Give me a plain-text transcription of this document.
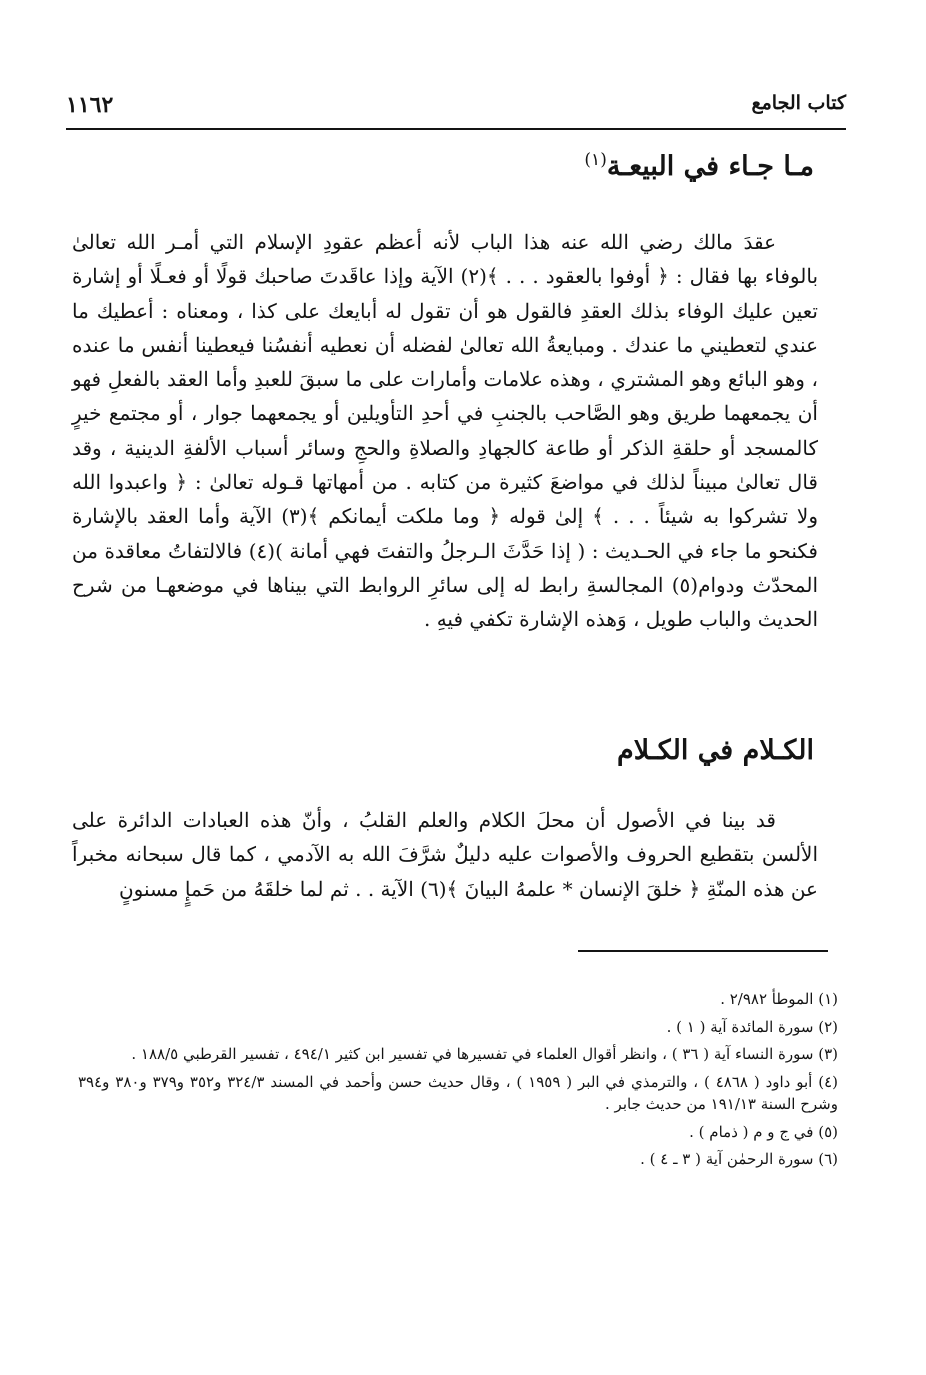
كتاب الجامع
١١٦٢
مـا جـاء في البيعـة$^{(١)}$

عقدَ مالك رضي الله عنه هذا الباب لأنه أعظم عقودِ الإسلام التي أمـر الله تعالىٰ بالوفاء بها فقال : ﴿ أوفوا بالعقود . . . ﴾(٢) الآية وإذا عاقَدتَ صاحبك قولًا أو فعـلًا أو إشارة تعين عليك الوفاء بذلك العقدِ فالقول هو أن تقول له أبايعك على كذا ، ومعناه : أعطيك ما عندي لتعطيني ما عندك . ومبايعةُ الله تعالىٰ لفضله أن نعطيه أنفسُنا فيعطينا أنفس ما عنده ، وهو البائع وهو المشتري ، وهذه علامات وأمارات على ما سبقَ للعبدِ وأما العقد بالفعلِ فهو أن يجمعهما طريق وهو الصَّاحب بالجنبِ في أحدِ التأويلين أو يجمعهما جوار ، أو مجتمع خيرٍ كالمسجد أو حلقةِ الذكر أو طاعة كالجهادِ والصلاةِ والحجِ وسائر أسباب الألفةِ الدينية ، وقد قال تعالىٰ مبيناً لذلك في مواضعَ كثيرة من كتابه . من أمهاتها قـوله تعالىٰ : ﴿ واعبدوا الله ولا تشركوا به شيئاً . . . ﴾ إلىٰ قوله ﴿ وما ملكت أيمانكم ﴾(٣) الآية وأما العقد بالإشارة فكنحو ما جاء في الحـديث : ( إذا حَدَّثَ الـرجلُ والتفتَ فهي أمانة )(٤) فالالتفاتُ معاقدة من المحدّث ودوام(٥) المجالسةِ رابط له إلى سائرِ الروابط التي بيناها في موضعهـا من شرح الحديث والباب طويل ، وَهذه الإشارة تكفي فيهِ .

الكـلام في الكـلام

قد بينا في الأصول أن محلَ الكلام والعلم القلبُ ، وأنّ هذه العبادات الدائرة على الألسن بتقطيع الحروف والأصوات عليه دليلٌ شرَّفَ الله به الآدمي ، كما قال سبحانه مخبراً عن هذه المنّةِ ﴿ خلقَ الإنسان * علمهُ البيانَ ﴾(٦) الآية . . ثم لما خلقَهُ من حَمإٍ مسنونٍ

(١) الموطأ ٢/٩٨٢ .
(٢) سورة المائدة آية ( ١ ) .
(٣) سورة النساء آية ( ٣٦ ) ، وانظر أقوال العلماء في تفسيرها في تفسير ابن كثير ٤٩٤/١ ، تفسير القرطبي ١٨٨/٥ .
(٤) أبو داود ( ٤٨٦٨ ) ، والترمذي في البر ( ١٩٥٩ ) ، وقال حديث حسن وأحمد في المسند ٣٢٤/٣ و٣٥٢ و٣٧٩ و٣٨٠ و٣٩٤ وشرح السنة ١٩١/١٣ من حديث جابر .
(٥) في ج و م ( ذمام ) .
(٦) سورة الرحمٰن آية ( ٣ ـ ٤ ) .
